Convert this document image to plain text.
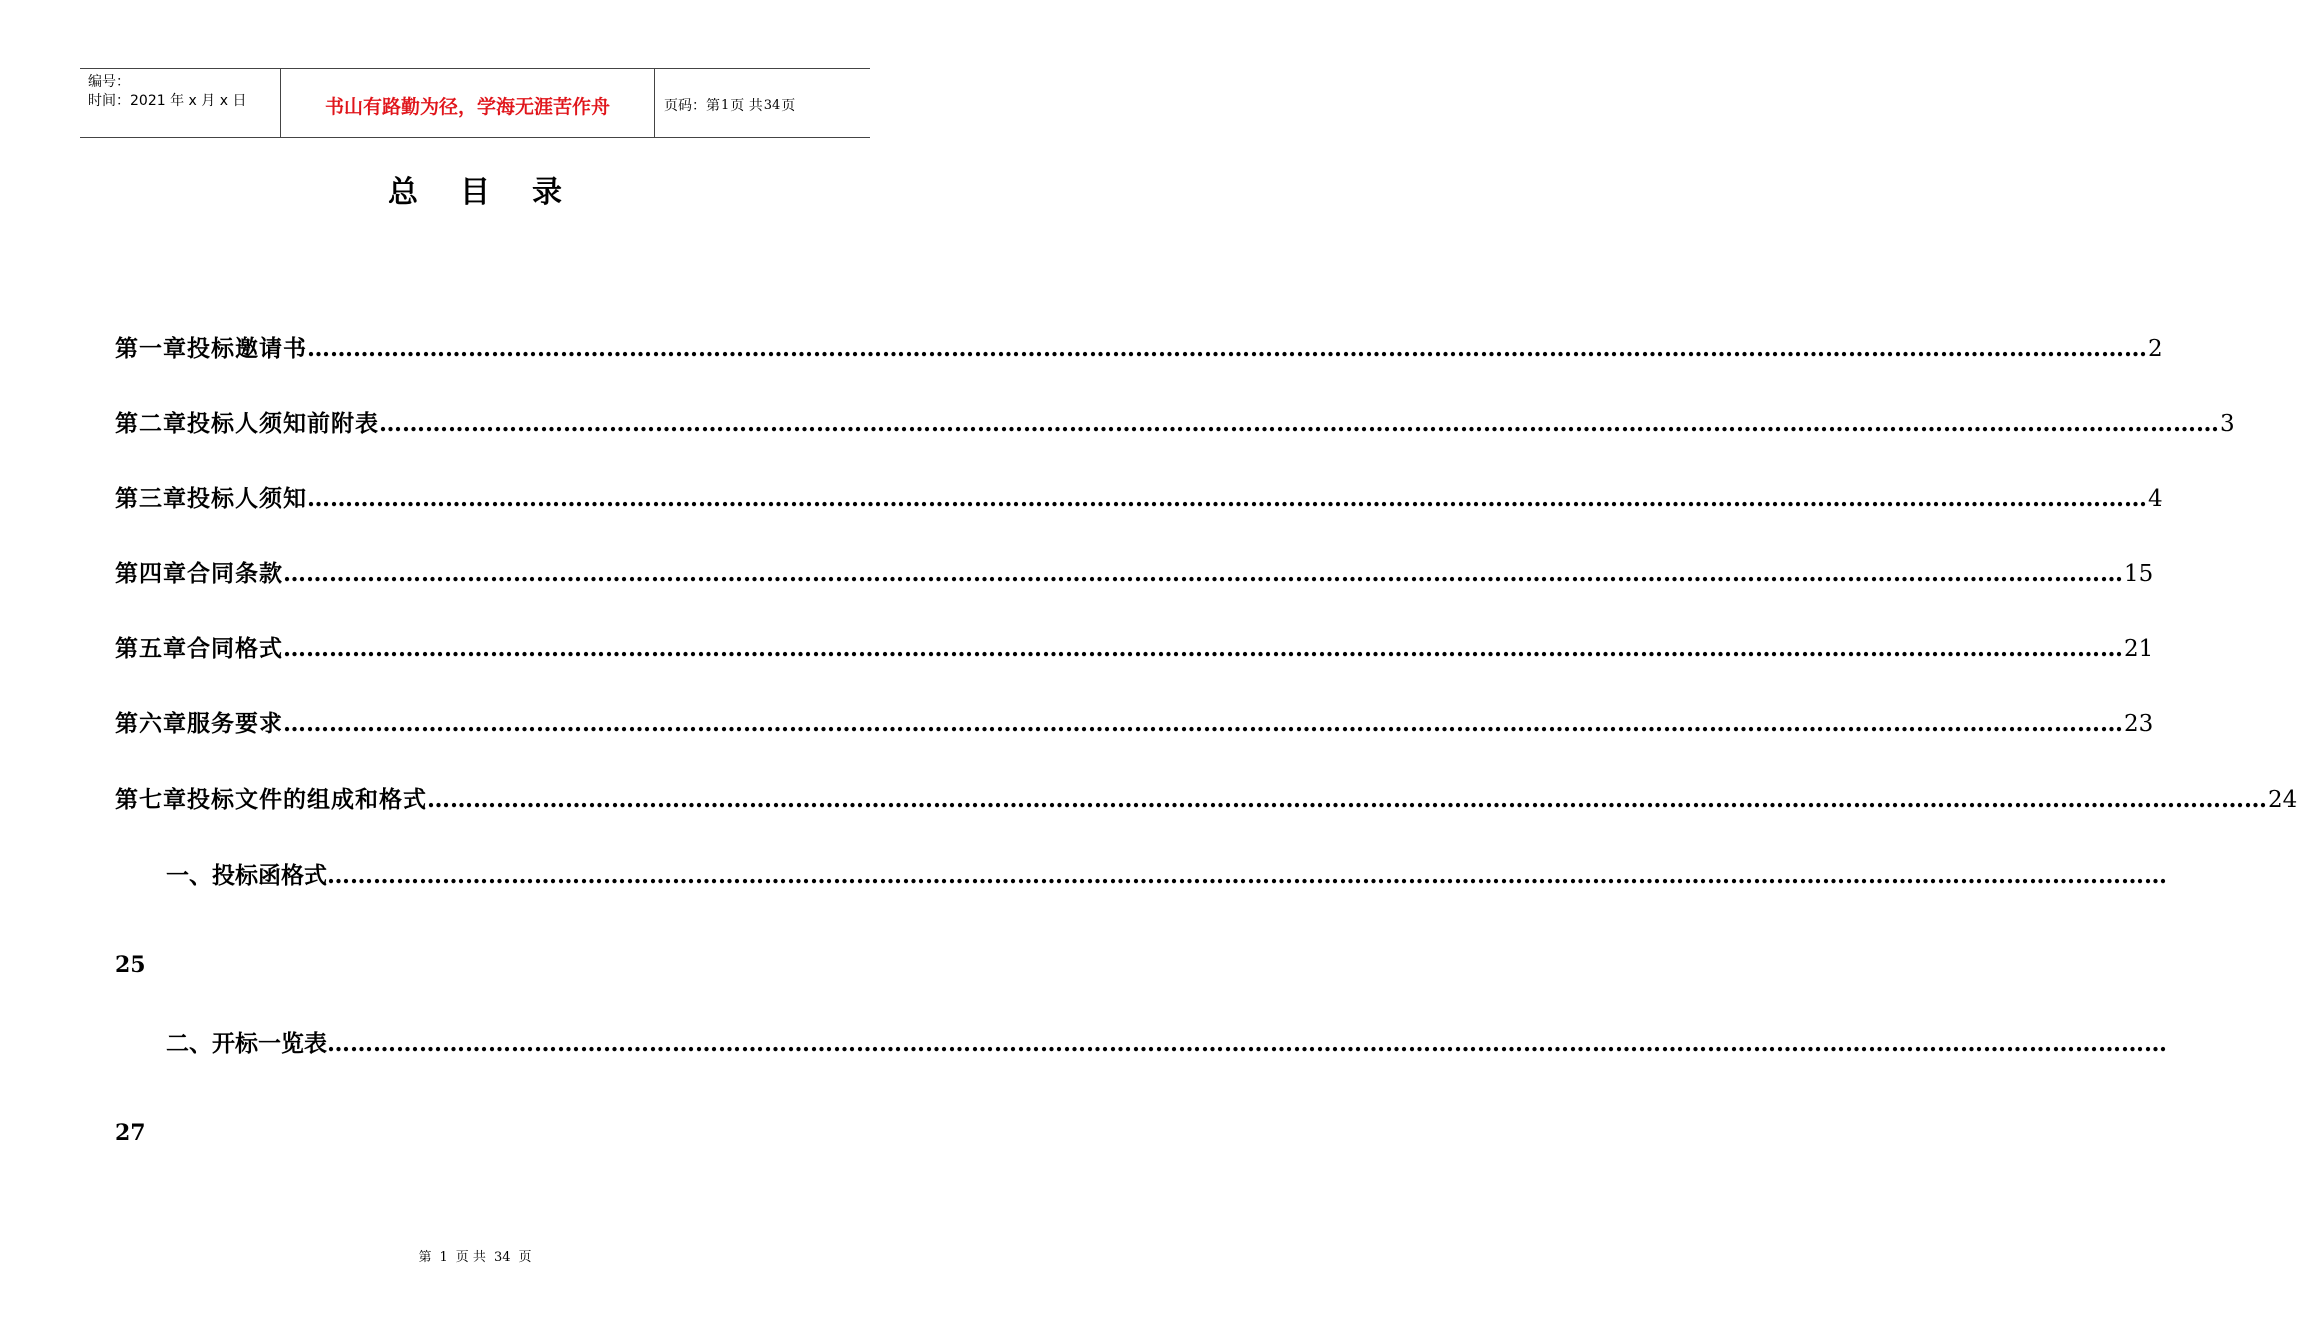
编号：
时间：2021 年 x 月 x 日	书山有路勤为径，学海无涯苦作舟	页码：第 1 页 共 34 页
总目录
第一章 投标邀请书 …………………………………………………………………………………………………………………………………………………………………………………………………………………… 2
第二章 投标人须知前附表 …………………………………………………………………………………………………………………………………………………………………………………………………………………… 3
第三章 投标人须知 …………………………………………………………………………………………………………………………………………………………………………………………………………………… 4
第四章 合同条款 …………………………………………………………………………………………………………………………………………………………………………………………………………………… 15
第五章 合同格式 …………………………………………………………………………………………………………………………………………………………………………………………………………………… 21
第六章 服务要求 …………………………………………………………………………………………………………………………………………………………………………………………………………………… 23
第七章 投标文件的组成和格式 …………………………………………………………………………………………………………………………………………………………………………………………………………………… 24
一、投标函格式 ……………………………………………………………………………………………………………………………………………………………………………………………………………………
25
二、开标一览表 ……………………………………………………………………………………………………………………………………………………………………………………………………………………
27
第 1 页 共 34 页
